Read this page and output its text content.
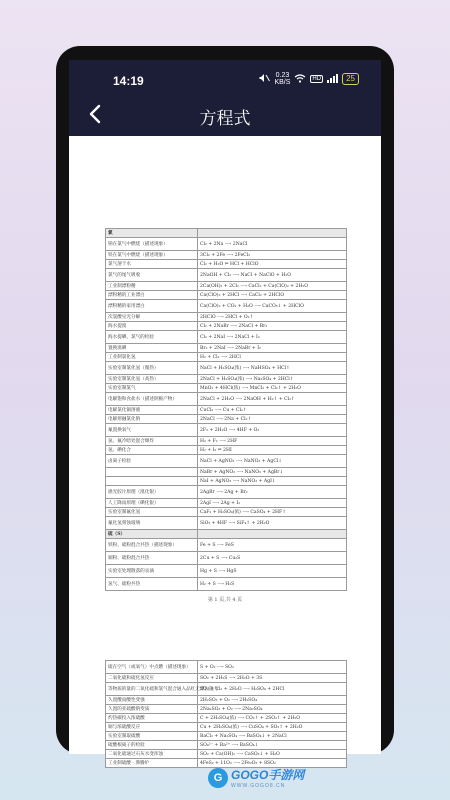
14:19	0.23
KB/S	HD	25
方程式
氯	
钠在氯气中燃烧（描述现象）	Cl₂ + 2Na ⟶ 2NaCl
铁在氯气中燃烧（描述现象）	3Cl₂ + 2Fe ⟶ 2FeCl₃
氯气溶于水	Cl₂ + H₂O ⇌ HCl + HClO
氯气的尾气吸收	2NaOH + Cl₂ ⟶ NaCl + NaClO + H₂O
工业制漂粉精	2Ca(OH)₂ + 2Cl₂ ⟶ CaCl₂ + Ca(ClO)₂ + 2H₂O
漂粉精的工业漂白	Ca(ClO)₂ + 2HCl ⟶ CaCl₂ + 2HClO
漂粉精的家用漂白	Ca(ClO)₂ + CO₂ + H₂O ⟶ CaCO₃↓ + 2HClO
次氯酸见光分解	2HClO ⟶ 2HCl + O₂↑
海水提溴	Cl₂ + 2NaBr ⟶ 2NaCl + Br₂
海水提碘、氯气的检验	Cl₂ + 2NaI ⟶ 2NaCl + I₂
置换溴碘	Br₂ + 2NaI ⟶ 2NaBr + I₂
工业制氯化氢	H₂ + Cl₂ ⟶ 2HCl
实验室制氯化氢（微热）	NaCl + H₂SO₄(浓) ⟶ NaHSO₄ + HCl↑
实验室制氯化氢（高热）	2NaCl + H₂SO₄(浓) ⟶ Na₂SO₄ + 2HCl↑
实验室制氯气	MnO₂ + 4HCl(浓) ⟶ MnCl₂ + Cl₂↑ + 2H₂O
电解饱和食盐水（描述阴极产物）	2NaCl + 2H₂O ⟶ 2NaOH + H₂↑ + Cl₂↑
电解氯化铜溶液	CuCl₂ ⟶ Cu + Cl₂↑
电解熔融氯化钠	2NaCl ⟶ 2Na + Cl₂↑
氟置换氧气	2F₂ + 2H₂O ⟶ 4HF + O₂
氢、氟冷暗处混合爆炸	H₂ + F₂ ⟶ 2HF
氢、碘化合	H₂ + I₂ ⇌ 2HI
卤离子检验	NaCl + AgNO₃ ⟶ NaNO₃ + AgCl↓
	NaBr + AgNO₃ ⟶ NaNO₃ + AgBr↓
	NaI + AgNO₃ ⟶ NaNO₃ + AgI↓
感光胶片原理（溴化银）	2AgBr ⟶ 2Ag + Br₂
人工降雨原理（碘化银）	2AgI ⟶ 2Ag + I₂
实验室制氟化氢	CaF₂ + H₂SO₄(浓) ⟶ CaSO₄ + 2HF↑
氟化氢刻蚀玻璃	SiO₂ + 4HF ⟶ SiF₄↑ + 2H₂O
硫（S）	
铁粉、硫粉混合共热（描述现象）	Fe + S ⟶ FeS
铜粉、硫粉混合共热	2Cu + S ⟶ Cu₂S
实验室处理散落的汞滴	Hg + S ⟶ HgS
氢气、硫粉共热	H₂ + S ⟶ H₂S
第 1 页,共 4 页
硫在空气（或氧气）中点燃（描述现象）	S + O₂ ⟶ SO₂
二氧化硫和硫化氢反应	SO₂ + 2H₂S ⟶ 2H₂O + 3S
等物质的量的二氧化硫和氯气混合通入品红无漂白能力	SO₂ + Cl₂ + 2H₂O ⟶ H₂SO₄ + 2HCl
久置酸雨酸性变强	2H₂SO₃ + O₂ ⟶ 2H₂SO₄
久置的亚硫酸钠变质	2Na₂SO₃ + O₂ ⟶ 2Na₂SO₄
灼热碳投入浓硫酸	C + 2H₂SO₄(浓) ⟶ CO₂↑ + 2SO₂↑ + 2H₂O
铜与浓硫酸反应	Cu + 2H₂SO₄(浓) ⟶ CuSO₄ + SO₂↑ + 2H₂O
实验室制取硫酸	BaCl₂ + Na₂SO₄ ⟶ BaSO₄↓ + 2NaCl
硫酸根离子的检验	SO₄²⁻ + Ba²⁺ ⟶ BaSO₄↓
二氧化硫通过石灰水变浑浊	SO₂ + Ca(OH)₂ ⟶ CaSO₃↓ + H₂O
工业制硫酸 · 沸腾炉	4FeS₂ + 11O₂ ⟶ 2Fe₂O₃ + 8SO₂
G GOGO手游网
WWW.GOGO8.CN
